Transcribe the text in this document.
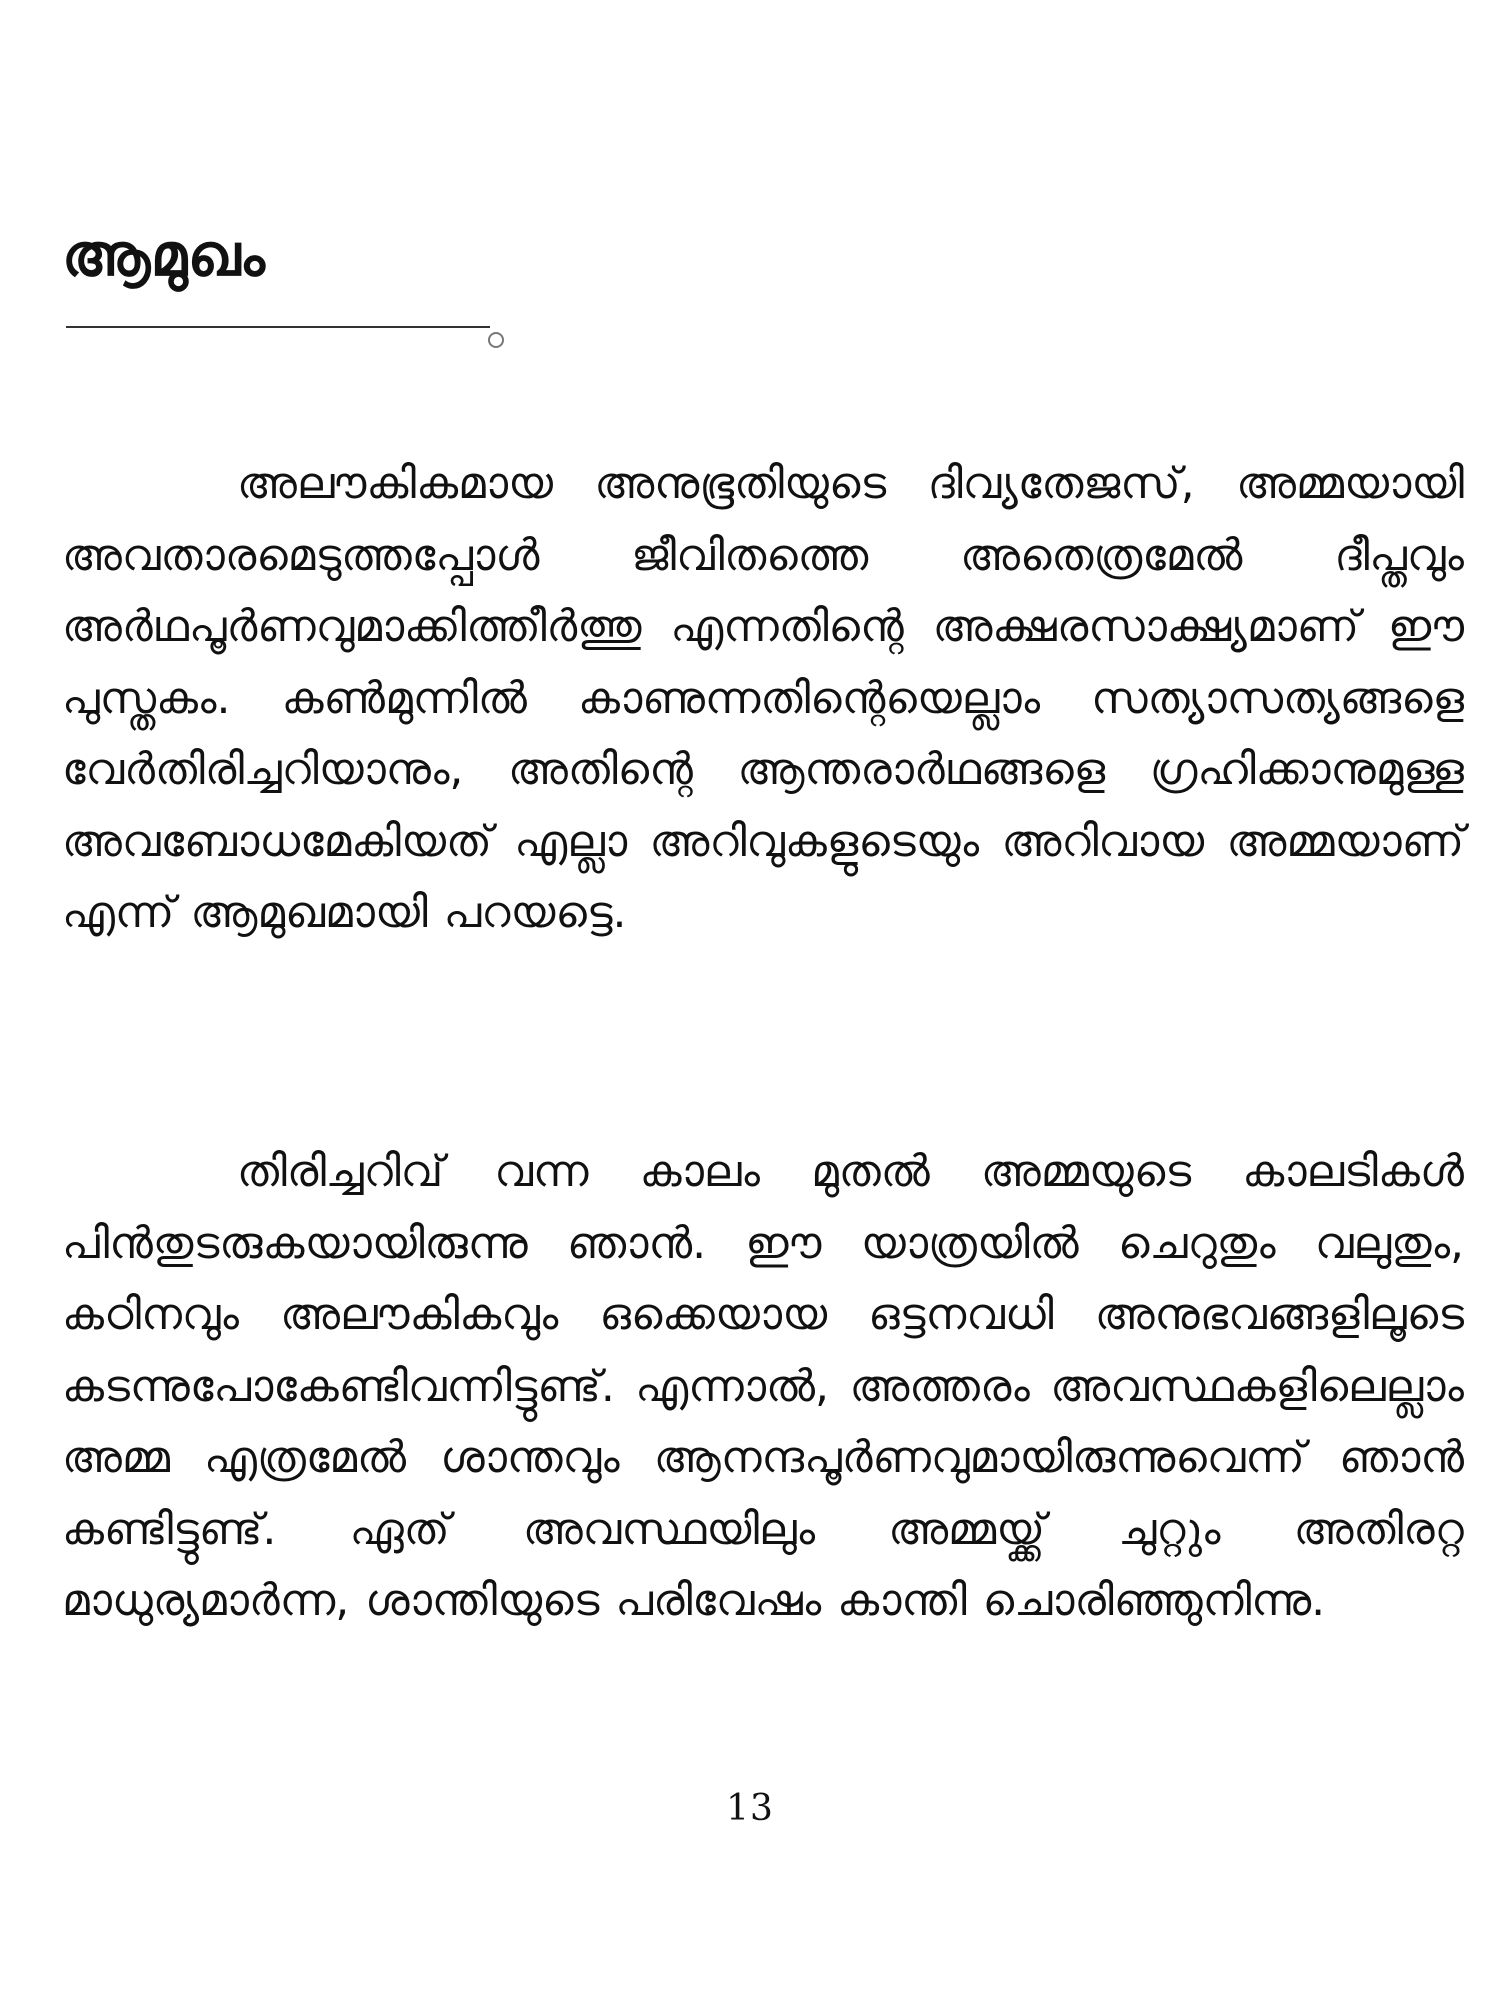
ആമുഖം

അലൗകികമായ അനുഭൂതിയുടെ ദിവ്യതേജസ്, അമ്മയായി അവതാരമെടുത്തപ്പോൾ ജീവിതത്തെ അതെത്രമേൽ ദീപ്തവും അർഥപൂർണവുമാക്കിത്തീർത്തു എന്നതിന്റെ അക്ഷരസാക്ഷ്യമാണ് ഈ പുസ്തകം. കൺമുന്നിൽ കാണുന്നതിന്റെയെല്ലാം സത്യാസത്യങ്ങളെ വേർതിരിച്ചറിയാനും, അതിന്റെ ആന്തരാർഥങ്ങളെ ഗ്രഹിക്കാനുമുള്ള അവബോധമേകിയത് എല്ലാ അറിവുകളുടെയും അറിവായ അമ്മയാണ് എന്ന് ആമുഖമായി പറയട്ടെ.

തിരിച്ചറിവ് വന്ന കാലം മുതൽ അമ്മയുടെ കാലടികൾ പിൻതുടരുകയായിരുന്നു ഞാൻ. ഈ യാത്രയിൽ ചെറുതും വലുതും, കഠിനവും അലൗകികവും ഒക്കെയായ ഒട്ടനവധി അനുഭവങ്ങളിലൂടെ കടന്നുപോകേണ്ടിവന്നിട്ടുണ്ട്. എന്നാൽ, അത്തരം അവസ്ഥകളിലെല്ലാം അമ്മ എത്രമേൽ ശാന്തവും ആനന്ദപൂർണവുമായിരുന്നുവെന്ന് ഞാൻ കണ്ടിട്ടുണ്ട്. ഏത് അവസ്ഥയിലും അമ്മയ്ക്ക് ചുറ്റും അതിരറ്റ മാധുര്യമാർന്ന, ശാന്തിയുടെ പരിവേഷം കാന്തി ചൊരിഞ്ഞുനിന്നു.

13
